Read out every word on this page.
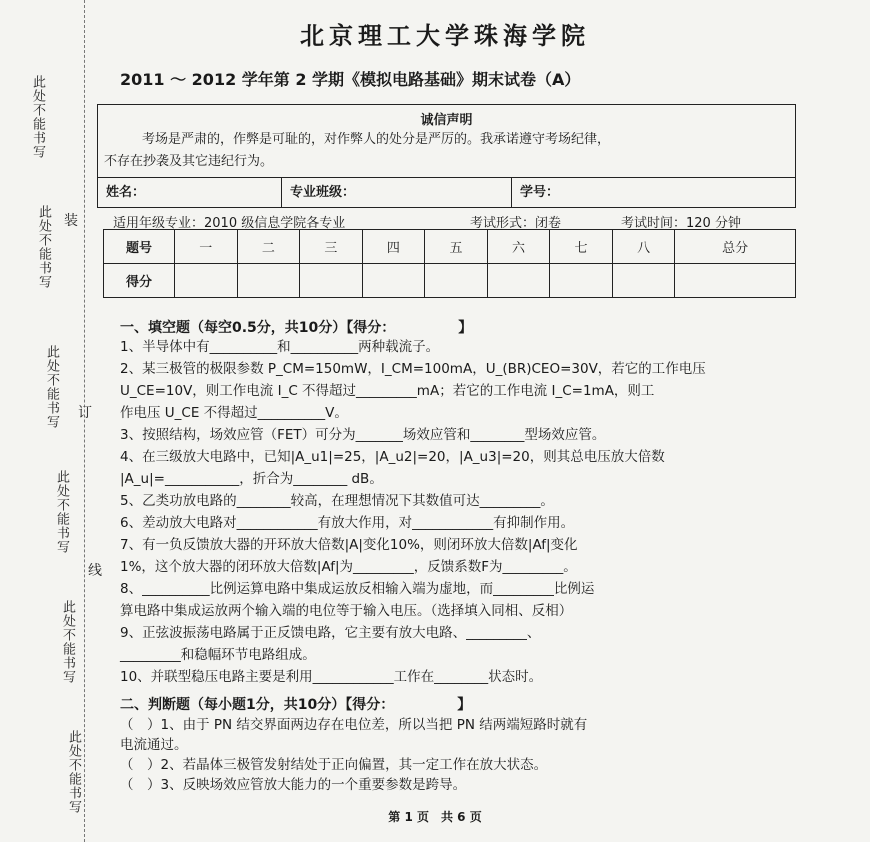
此处不能书写
此处不能书写
此处不能书写
此处不能书写
此处不能书写
此处不能书写
装
订
线
北京理工大学珠海学院
2011 ～ 2012 学年第 2 学期《模拟电路基础》期末试卷（A）
诚信声明
考场是严肃的，作弊是可耻的，对作弊人的处分是严厉的。我承诺遵守考场纪律，
不存在抄袭及其它违纪行为。
姓名：	专业班级：	学号：
适用年级专业：2010 级信息学院各专业	考试形式：闭卷	考试时间：120 分钟
题号	一	二	三	四	五	六	七	八	总分
得分									
一、填空题（每空0.5分，共10分）【得分：　　　　　】
1、半导体中有__________和__________两种载流子。
2、某三极管的极限参数 P_CM=150mW，I_CM=100mA，U_(BR)CEO=30V，若它的工作电压
U_CE=10V，则工作电流 I_C 不得超过_________mA；若它的工作电流 I_C=1mA，则工
作电压 U_CE 不得超过__________V。
3、按照结构，场效应管（FET）可分为_______场效应管和________型场效应管。
4、在三级放大电路中，已知|A_u1|=25，|A_u2|=20，|A_u3|=20，则其总电压放大倍数
|A_u|=___________，折合为________ dB。
5、乙类功放电路的________较高，在理想情况下其数值可达_________。
6、差动放大电路对____________有放大作用，对____________有抑制作用。
7、有一负反馈放大器的开环放大倍数|A|变化10%，则闭环放大倍数|Af|变化
1%，这个放大器的闭环放大倍数|Af|为_________，反馈系数F为_________。
8、__________比例运算电路中集成运放反相输入端为虚地，而_________比例运
算电路中集成运放两个输入端的电位等于输入电压。（选择填入同相、反相）
9、正弦波振荡电路属于正反馈电路，它主要有放大电路、_________、
_________和稳幅环节电路组成。
10、并联型稳压电路主要是利用____________工作在________状态时。
二、判断题（每小题1分，共10分）【得分：　　　　　】
（　）1、由于 PN 结交界面两边存在电位差，所以当把 PN 结两端短路时就有
电流通过。
（　）2、若晶体三极管发射结处于正向偏置，其一定工作在放大状态。
（　）3、反映场效应管放大能力的一个重要参数是跨导。
第 1 页　共 6 页
